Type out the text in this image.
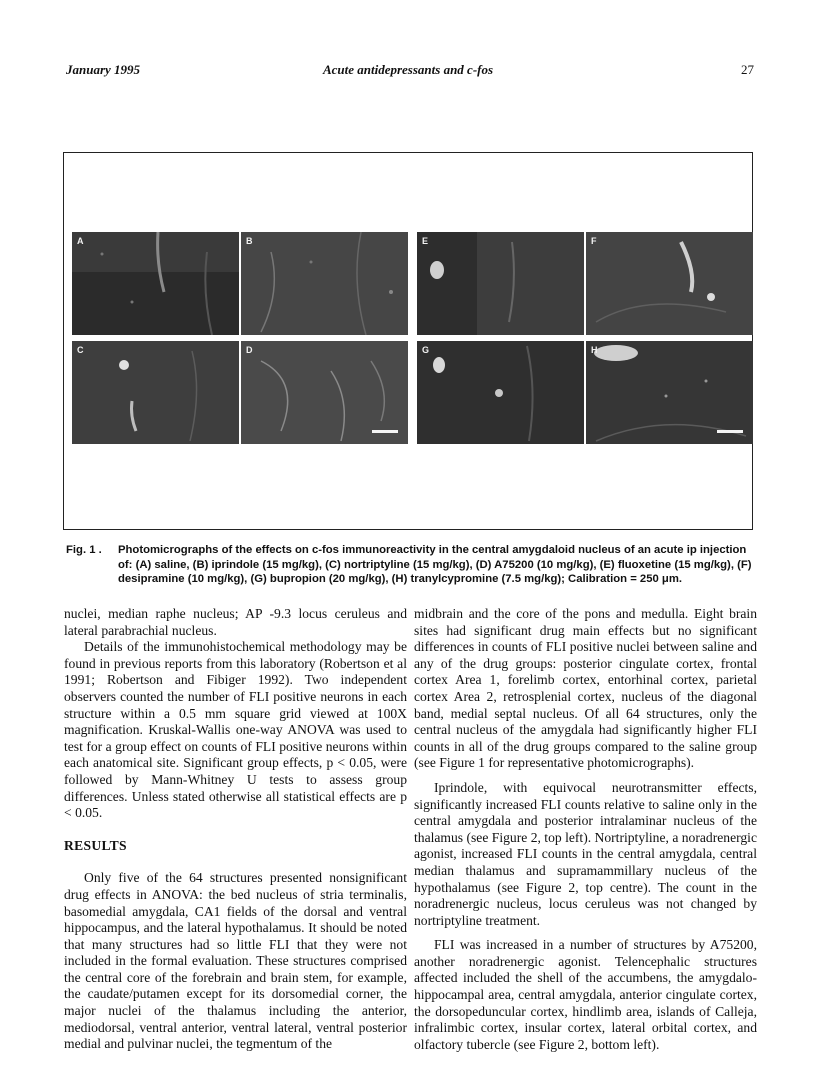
January 1995	Acute antidepressants and c-fos	27
A	B	E	F
C	D	G	H
Fig. 1 . Photomicrographs of the effects on c-fos immunoreactivity in the central amygdaloid nucleus of an acute ip injection of: (A) saline, (B) iprindole (15 mg/kg), (C) nortriptyline (15 mg/kg), (D) A75200 (10 mg/kg), (E) fluoxetine (15 mg/kg), (F) desipramine (10 mg/kg), (G) bupropion (20 mg/kg), (H) tranylcypromine (7.5 mg/kg); Calibration = 250 μm.

nuclei, median raphe nucleus; AP -9.3 locus ceruleus and lateral parabrachial nucleus.

Details of the immunohistochemical methodology may be found in previous reports from this laboratory (Robertson et al 1991; Robertson and Fibiger 1992). Two independent observers counted the number of FLI positive neurons in each structure within a 0.5 mm square grid viewed at 100X magnification. Kruskal-Wallis one-way ANOVA was used to test for a group effect on counts of FLI positive neurons within each anatomical site. Significant group effects, p < 0.05, were followed by Mann-Whitney U tests to assess group differences. Unless stated otherwise all statistical effects are p < 0.05.

RESULTS

Only five of the 64 structures presented nonsignificant drug effects in ANOVA: the bed nucleus of stria terminalis, basomedial amygdala, CA1 fields of the dorsal and ventral hippocampus, and the lateral hypothalamus. It should be noted that many structures had so little FLI that they were not included in the formal evaluation. These structures comprised the central core of the forebrain and brain stem, for example, the caudate/putamen except for its dorsomedial corner, the major nuclei of the thalamus including the anterior, mediodorsal, ventral anterior, ventral lateral, ventral posterior medial and pulvinar nuclei, the tegmentum of the

midbrain and the core of the pons and medulla. Eight brain sites had significant drug main effects but no significant differences in counts of FLI positive nuclei between saline and any of the drug groups: posterior cingulate cortex, frontal cortex Area 1, forelimb cortex, entorhinal cortex, parietal cortex Area 2, retrosplenial cortex, nucleus of the diagonal band, medial septal nucleus. Of all 64 structures, only the central nucleus of the amygdala had significantly higher FLI counts in all of the drug groups compared to the saline group (see Figure 1 for representative photomicrographs).

Iprindole, with equivocal neurotransmitter effects, significantly increased FLI counts relative to saline only in the central amygdala and posterior intralaminar nucleus of the thalamus (see Figure 2, top left). Nortriptyline, a noradrenergic agonist, increased FLI counts in the central amygdala, central median thalamus and supramammillary nucleus of the hypothalamus (see Figure 2, top centre). The count in the noradrenergic nucleus, locus ceruleus was not changed by nortriptyline treatment.

FLI was increased in a number of structures by A75200, another noradrenergic agonist. Telencephalic structures affected included the shell of the accumbens, the amygdalo-hippocampal area, central amygdala, anterior cingulate cortex, the dorsopeduncular cortex, hindlimb area, islands of Calleja, infralimbic cortex, insular cortex, lateral orbital cortex, and olfactory tubercle (see Figure 2, bottom left).
